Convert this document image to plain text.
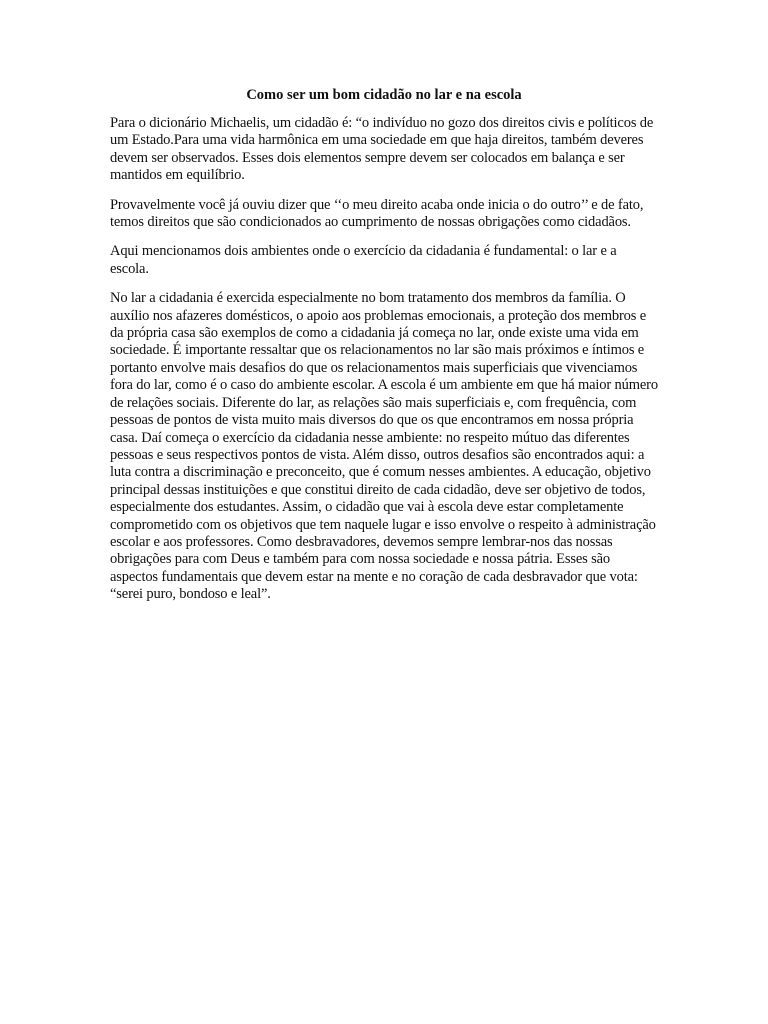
Como ser um bom cidadão no lar e na escola

Para o dicionário Michaelis, um cidadão é: “o indivíduo no gozo dos direitos civis e políticos de um Estado.Para uma vida harmônica em uma sociedade em que haja direitos, também deveres devem ser observados. Esses dois elementos sempre devem ser colocados em balança e ser mantidos em equilíbrio.

Provavelmente você já ouviu dizer que ‘‘o meu direito acaba onde inicia o do outro’’ e de fato, temos direitos que são condicionados ao cumprimento de nossas obrigações como cidadãos.

Aqui mencionamos dois ambientes onde o exercício da cidadania é fundamental: o lar e a escola.

No lar a cidadania é exercida especialmente no bom tratamento dos membros da família. O auxílio nos afazeres domésticos, o apoio aos problemas emocionais, a proteção dos membros e da própria casa são exemplos de como a cidadania já começa no lar, onde existe uma vida em sociedade. É importante ressaltar que os relacionamentos no lar são mais próximos e íntimos e portanto envolve mais desafios do que os relacionamentos mais superficiais que vivenciamos fora do lar, como é o caso do ambiente escolar. A escola é um ambiente em que há maior número de relações sociais. Diferente do lar, as relações são mais superficiais e, com frequência, com pessoas de pontos de vista muito mais diversos do que os que encontramos em nossa própria casa. Daí começa o exercício da cidadania nesse ambiente: no respeito mútuo das diferentes pessoas e seus respectivos pontos de vista. Além disso, outros desafios são encontrados aqui: a luta contra a discriminação e preconceito, que é comum nesses ambientes. A educação, objetivo principal dessas instituições e que constitui direito de cada cidadão, deve ser objetivo de todos, especialmente dos estudantes. Assim, o cidadão que vai à escola deve estar completamente comprometido com os objetivos que tem naquele lugar e isso envolve o respeito à administração escolar e aos professores. Como desbravadores, devemos sempre lembrar-nos das nossas obrigações para com Deus e também para com nossa sociedade e nossa pátria. Esses são aspectos fundamentais que devem estar na mente e no coração de cada desbravador que vota: “serei puro, bondoso e leal”.
